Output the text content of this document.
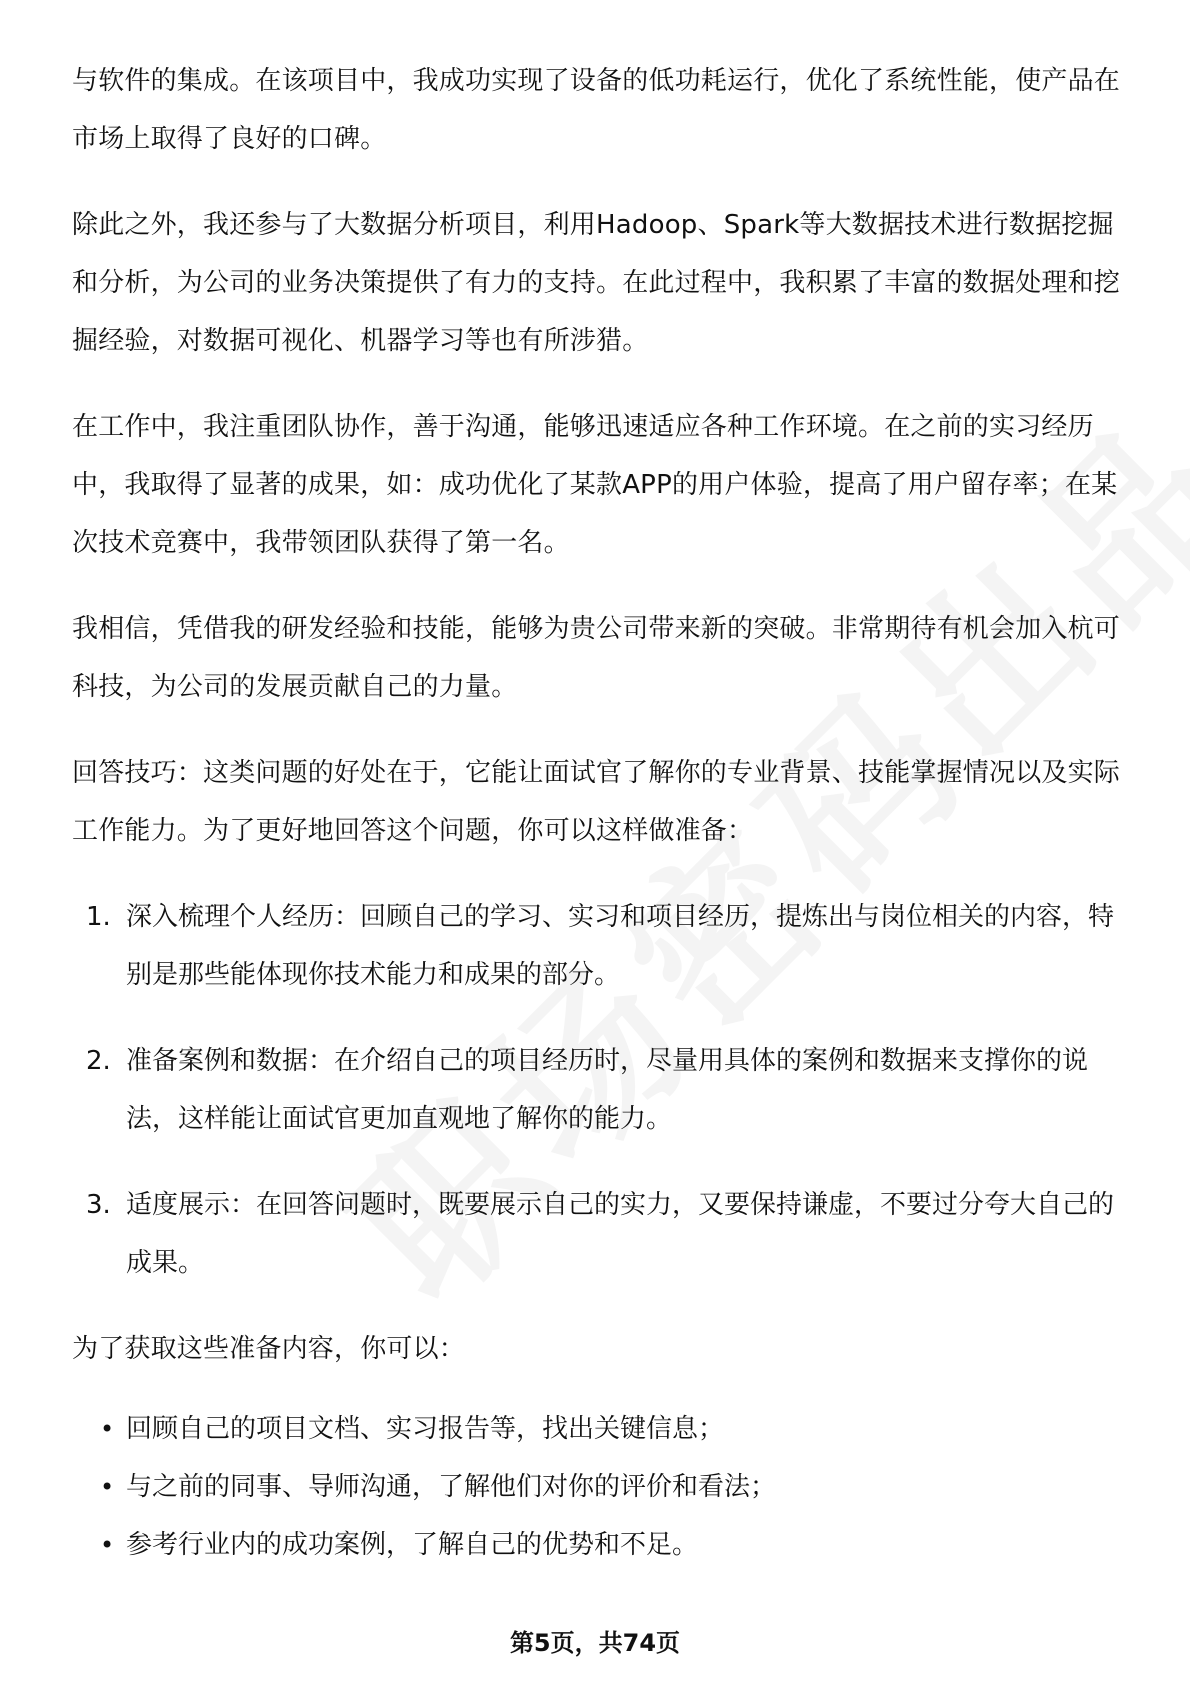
与软件的集成。在该项目中，我成功实现了设备的低功耗运行，优化了系统性能，使产品在市场上取得了良好的口碑。

除此之外，我还参与了大数据分析项目，利用Hadoop、Spark等大数据技术进行数据挖掘和分析，为公司的业务决策提供了有力的支持。在此过程中，我积累了丰富的数据处理和挖掘经验，对数据可视化、机器学习等也有所涉猎。

在工作中，我注重团队协作，善于沟通，能够迅速适应各种工作环境。在之前的实习经历中，我取得了显著的成果，如：成功优化了某款APP的用户体验，提高了用户留存率；在某次技术竞赛中，我带领团队获得了第一名。

我相信，凭借我的研发经验和技能，能够为贵公司带来新的突破。非常期待有机会加入杭可科技，为公司的发展贡献自己的力量。

回答技巧：这类问题的好处在于，它能让面试官了解你的专业背景、技能掌握情况以及实际工作能力。为了更好地回答这个问题，你可以这样做准备：

1. 深入梳理个人经历：回顾自己的学习、实习和项目经历，提炼出与岗位相关的内容，特别是那些能体现你技术能力和成果的部分。
2. 准备案例和数据：在介绍自己的项目经历时，尽量用具体的案例和数据来支撑你的说法，这样能让面试官更加直观地了解你的能力。
3. 适度展示：在回答问题时，既要展示自己的实力，又要保持谦虚，不要过分夸大自己的成果。

为了获取这些准备内容，你可以：

• 回顾自己的项目文档、实习报告等，找出关键信息；
• 与之前的同事、导师沟通，了解他们对你的评价和看法；
• 参考行业内的成功案例，了解自己的优势和不足。
第5页，共74页
